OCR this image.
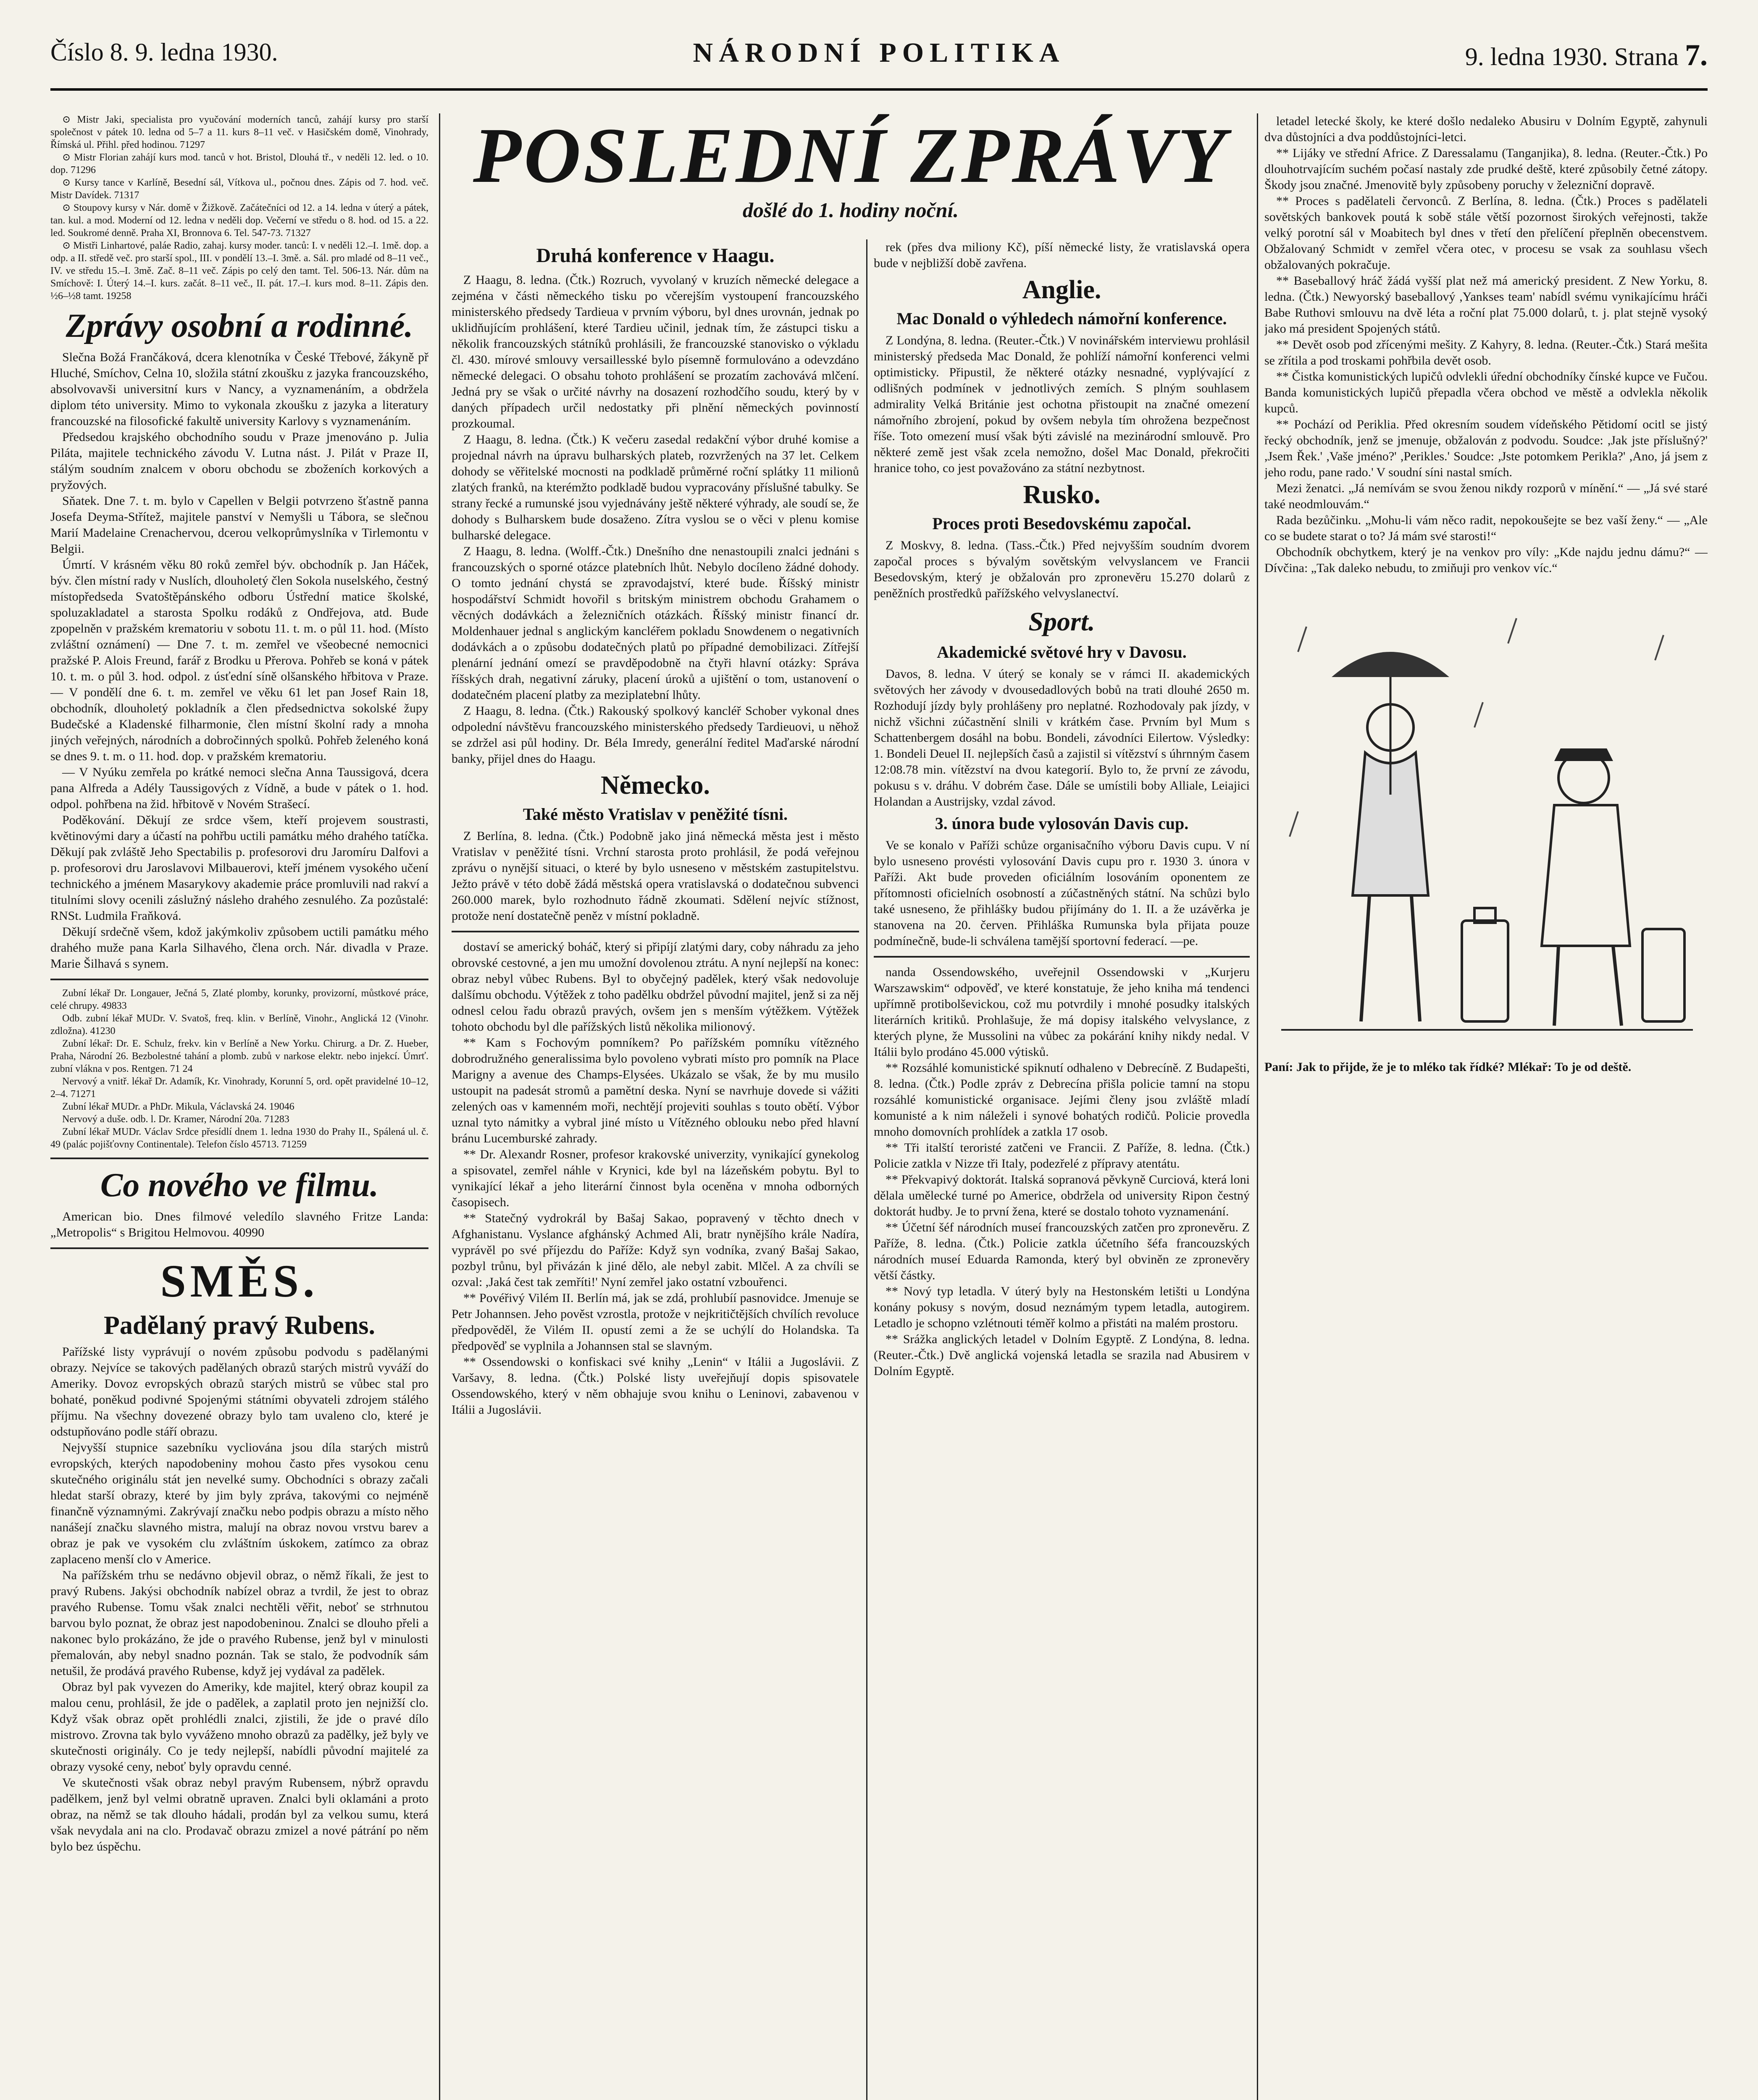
Číslo 8. 9. ledna 1930.	NÁRODNÍ POLITIKA	9. ledna 1930. Strana 7.

⊙ Mistr Jaki, specialista pro vyučování moderních tanců, zahájí kursy pro starší společnost v pátek 10. ledna od 5–7 a 11. kurs 8–11 več. v Hasičském domě, Vinohrady, Římská ul. Přihl. před hodinou. 71297

⊙ Mistr Florian zahájí kurs mod. tanců v hot. Bristol, Dlouhá tř., v neděli 12. led. o 10. dop. 71296

⊙ Kursy tance v Karlíně, Besední sál, Vítkova ul., počnou dnes. Zápis od 7. hod. več. Mistr Davídek. 71317

⊙ Stoupovy kursy v Nár. domě v Žižkově. Začátečníci od 12. a 14. ledna v úterý a pátek, tan. kul. a mod. Moderní od 12. ledna v neděli dop. Večerní ve středu o 8. hod. od 15. a 22. led. Soukromé denně. Praha XI, Bronnova 6. Tel. 547-73. 71327

⊙ Mistři Linhartové, paláe Radio, zahaj. kursy moder. tanců: I. v neděli 12.–I. 1mě. dop. a odp. a II. středě več. pro starší spol., III. v pondělí 13.–I. 3mě. a. Sál. pro mladé od 8–11 več., IV. ve středu 15.–I. 3mě. Zač. 8–11 več. Zápis po celý den tamt. Tel. 506-13. Nár. dům na Smíchově: I. Úterý 14.–I. kurs. začát. 8–11 več., II. pát. 17.–I. kurs mod. 8–11. Zápis den. ½6–½8 tamt. 19258

Zprávy osobní a rodinné.

Slečna Božá Frančáková, dcera klenotníka v České Třebové, žákyně př Hluché, Smíchov, Celna 10, složila státní zkoušku z jazyka francouzského, absolvovavši universitní kurs v Nancy, a vyznamenáním, a obdržela diplom této university. Mimo to vykonala zkoušku z jazyka a literatury francouzské na filosofické fakultě university Karlovy s vyznamenáním.

Předsedou krajského obchodního soudu v Praze jmenováno p. Julia Piláta, majitele technického závodu V. Lutna nást. J. Pilát v Praze II, stálým soudním znalcem v oboru obchodu se zboženích korkových a pryžových.

Sňatek. Dne 7. t. m. bylo v Capellen v Belgii potvrzeno šťastně panna Josefa Deyma-Střítež, majitele panství v Nemyšli u Tábora, se slečnou Marií Madelaine Crenachervou, dcerou velkoprůmyslníka v Tirlemontu v Belgii.

Úmrtí. V krásném věku 80 roků zemřel býv. obchodník p. Jan Háček, býv. člen místní rady v Nuslích, dlouholetý člen Sokola nuselského, čestný místopředseda Svatoštěpánského odboru Ústřední matice školské, spoluzakladatel a starosta Spolku rodáků z Ondřejova, atd. Bude zpopelněn v pražském krematoriu v sobotu 11. t. m. o půl 11. hod. (Místo zvláštní oznámení) — Dne 7. t. m. zemřel ve všeobecné nemocnici pražské P. Alois Freund, farář z Brodku u Přerova. Pohřeb se koná v pátek 10. t. m. o půl 3. hod. odpol. z úsťední síně olšanského hřbitova v Praze. — V pondělí dne 6. t. m. zemřel ve věku 61 let pan Josef Rain 18, obchodník, dlouholetý pokladník a člen předsednictva sokolské župy Budečské a Kladenské filharmonie, člen místní školní rady a mnoha jiných veřejných, národních a dobročinných spolků. Pohřeb želeného koná se dnes 9. t. m. o 11. hod. dop. v pražském krematoriu.

— V Nyúku zemřela po krátké nemoci slečna Anna Taussigová, dcera pana Alfreda a Adély Taussigových z Vídně, a bude v pátek o 1. hod. odpol. pohřbena na žid. hřbitově v Novém Strašecí.

Poděkování. Děkují ze srdce všem, kteří projevem soustrasti, květinovými dary a účastí na pohřbu uctili památku mého drahého tatíčka. Děkují pak zvláště Jeho Spectabilis p. profesorovi dru Jaromíru Dalfovi a p. profesorovi dru Jaroslavovi Milbauerovi, kteří jménem vysokého učení technického a jménem Masarykovy akademie práce promluvili nad rakví a titulními slovy ocenili záslužný násleho drahého zesnulého. Za pozůstalé: RNSt. Ludmila Fraňková.

Děkují srdečně všem, kdož jakýmkoliv způsobem uctili památku mého drahého muže pana Karla Silhavého, člena orch. Nár. divadla v Praze. Marie Šilhavá s synem.

Zubní lékař Dr. Longauer, Ječná 5, Zlaté plomby, korunky, provizorní, můstkové práce, celé chrupy. 49833

Odb. zubní lékař MUDr. V. Svatoš, freq. klin. v Berlíně, Vinohr., Anglická 12 (Vinohr. zdložna). 41230

Zubní lékař: Dr. E. Schulz, frekv. kin v Berlíně a New Yorku. Chirurg. a Dr. Z. Hueber, Praha, Národní 26. Bezbolestné tahání a plomb. zubů v narkose elektr. nebo injekcí. Úmrť. zubní vlákna v pos. Rentgen. 71 24

Nervový a vnitř. lékař Dr. Adamík, Kr. Vinohrady, Korunní 5, ord. opět pravidelné 10–12, 2–4. 71271

Zubní lékař MUDr. a PhDr. Mikula, Václavská 24. 19046

Nervový a duše. odb. l. Dr. Kramer, Národní 20a. 71283

Zubní lékař MUDr. Václav Srdce přesídlí dnem 1. ledna 1930 do Prahy II., Spálená ul. č. 49 (palác pojišťovny Continentale). Telefon číslo 45713. 71259

Co nového ve filmu.

American bio. Dnes filmové veledílo slavného Fritze Landa: „Metropolis“ s Brigitou Helmovou. 40990

SMĚS.
Padělaný pravý Rubens.

Pařížské listy vyprávují o novém způsobu podvodu s padělanými obrazy. Nejvíce se takových padělaných obrazů starých mistrů vyváží do Ameriky. Dovoz evropských obrazů starých mistrů se vůbec stal pro bohaté, poněkud podivné Spojenými státními obyvateli zdrojem stálého příjmu. Na všechny dovezené obrazy bylo tam uvaleno clo, které je odstupňováno podle stáří obrazu.

Nejvyšší stupnice sazebníku vycliována jsou díla starých mistrů evropských, kterých napodobeniny mohou často přes vysokou cenu skutečného originálu stát jen nevelké sumy. Obchodníci s obrazy začali hledat starší obrazy, které by jim byly zpráva, takovými co nejméně finančně významnými. Zakrývají značku nebo podpis obrazu a místo něho nanášejí značku slavného mistra, malují na obraz novou vrstvu barev a obraz je pak ve vysokém clu zvláštním úskokem, zatímco za obraz zaplaceno menší clo v Americe.

Na pařížském trhu se nedávno objevil obraz, o němž říkali, že jest to pravý Rubens. Jakýsi obchodník nabízel obraz a tvrdil, že jest to obraz pravého Rubense. Tomu však znalci nechtěli věřit, neboť se strhnutou barvou bylo poznat, že obraz jest napodobeninou. Znalci se dlouho přeli a nakonec bylo prokázáno, že jde o pravého Rubense, jenž byl v minulosti přemalován, aby nebyl snadno poznán. Tak se stalo, že podvodník sám netušil, že prodává pravého Rubense, když jej vydával za padělek.

Obraz byl pak vyvezen do Ameriky, kde majitel, který obraz koupil za malou cenu, prohlásil, že jde o padělek, a zaplatil proto jen nejnižší clo. Když však obraz opět prohlédli znalci, zjistili, že jde o pravé dílo mistrovo. Zrovna tak bylo vyváženo mnoho obrazů za padělky, jež byly ve skutečnosti originály. Co je tedy nejlepší, nabídli původní majitelé za obrazy vysoké ceny, neboť byly opravdu cenné.

Ve skutečnosti však obraz nebyl pravým Rubensem, nýbrž opravdu padělkem, jenž byl velmi obratně upraven. Znalci byli oklamáni a proto obraz, na němž se tak dlouho hádali, prodán byl za velkou sumu, která však nevydala ani na clo. Prodavač obrazu zmizel a nové pátrání po něm bylo bez úspěchu.

POSLEDNÍ ZPRÁVY
došlé do 1. hodiny noční.
Druhá konference v Haagu.

Z Haagu, 8. ledna. (Čtk.) Rozruch, vyvolaný v kruzích německé delegace a zejména v části německého tisku po včerejším vystoupení francouzského ministerského předsedy Tardieua v prvním výboru, byl dnes urovnán, jednak po uklidňujícím prohlášení, které Tardieu učinil, jednak tím, že zástupci tisku a několik francouzských státníků prohlásili, že francouzské stanovisko o výkladu čl. 430. mírové smlouvy versaillesské bylo písemně formulováno a odevzdáno německé delegaci. O obsahu tohoto prohlášení se prozatím zachovává mlčení. Jedná pry se však o určité návrhy na dosazení rozhodčího soudu, který by v daných případech určil nedostatky při plnění německých povinností prozkoumal.

Z Haagu, 8. ledna. (Čtk.) K večeru zasedal redakční výbor druhé komise a projednal návrh na úpravu bulharských plateb, rozvržených na 37 let. Celkem dohody se věřitelské mocnosti na podkladě průměrné roční splátky 11 milionů zlatých franků, na kterémžto podkladě budou vypracovány příslušné tabulky. Se strany řecké a rumunské jsou vyjednávány ještě některé výhrady, ale soudí se, že dohody s Bulharskem bude dosaženo. Zítra vyslou se o věci v plenu komise bulharské delegace.

Z Haagu, 8. ledna. (Wolff.-Čtk.) Dnešního dne nenastoupili znalci jednáni s francouzských o sporné otázce platebních lhůt. Nebylo docíleno žádné dohody. O tomto jednání chystá se zpravodajství, které bude. Říšský ministr hospodářství Schmidt hovořil s britským ministrem obchodu Grahamem o věcných dodávkách a železničních otázkách. Říšský ministr financí dr. Moldenhauer jednal s anglickým kancléřem pokladu Snowdenem o negativních dodávkách a o způsobu dodatečných platů po případné demobilizaci. Zítřejší plenární jednání omezí se pravděpodobně na čtyři hlavní otázky: Správa říšských drah, negativní záruky, placení úroků a ujištění o tom, ustanovení o dodatečném placení platby za meziplatební lhůty.

Z Haagu, 8. ledna. (Čtk.) Rakouský spolkový kancléř Schober vykonal dnes odpolední návštěvu francouzského ministerského předsedy Tardieuovi, u něhož se zdržel asi půl hodiny. Dr. Béla Imredy, generální ředitel Maďarské národní banky, přijel dnes do Haagu.

Německo.
Také město Vratislav v peněžité tísni.

Z Berlína, 8. ledna. (Čtk.) Podobně jako jiná německá města jest i město Vratislav v peněžité tísni. Vrchní starosta proto prohlásil, že podá veřejnou zprávu o nynější situaci, o které by bylo usneseno v městském zastupitelstvu. Ježto právě v této době žádá městská opera vratislavská o dodatečnou subvenci 260.000 marek, bylo rozhodnuto řádně zkoumati. Sdělení nejvíc stížnost, protože není dostatečně peněz v místní pokladně.

dostaví se americký boháč, který si připíjí zlatými dary, coby náhradu za jeho obrovské cestovné, a jen mu umožní dovolenou ztrátu. A nyní nejlepší na konec: obraz nebyl vůbec Rubens. Byl to obyčejný padělek, který však nedovoluje dalšímu obchodu. Výtěžek z toho padělku obdržel původní majitel, jenž si za něj odnesl celou řadu obrazů pravých, ovšem jen s menším výtěžkem. Výtěžek tohoto obchodu byl dle pařížských listů několika milionový.

** Kam s Fochovým pomníkem? Po pařížském pomníku vítězného dobrodružného generalissima bylo povoleno vybrati místo pro pomník na Place Marigny a avenue des Champs-Elysées. Ukázalo se však, že by mu musilo ustoupit na padesát stromů a pamětní deska. Nyní se navrhuje dovede si vážiti zelených oas v kamenném moři, nechtějí projeviti souhlas s touto obětí. Výbor uznal tyto námitky a vybral jiné místo u Vítězného oblouku nebo před hlavní bránu Lucemburské zahrady.

** Dr. Alexandr Rosner, profesor krakovské univerzity, vynikající gynekolog a spisovatel, zemřel náhle v Krynici, kde byl na lázeňském pobytu. Byl to vynikající lékař a jeho literární činnost byla oceněna v mnoha odborných časopisech.

** Statečný vydrokrál by Bašaj Sakao, popravený v těchto dnech v Afghanistanu. Vyslance afghánský Achmed Ali, bratr nynějšího krále Nadíra, vyprávěl po své příjezdu do Paříže: Když syn vodníka, zvaný Bašaj Sakao, pozbyl trůnu, byl přivázán k jiné dělo, ale nebyl zabit. Mlčel. A za chvíli se ozval: ,Jaká čest tak zemříti!' Nyní zemřel jako ostatní vzbouřenci.

** Povéřivý Vilém II. Berlín má, jak se zdá, prohlubíí pasnovidce. Jmenuje se Petr Johannsen. Jeho pověst vzrostla, protože v nejkritičtějších chvílích revoluce předpověděl, že Vilém II. opustí zemi a že se uchýlí do Holandska. Ta předpověď se vyplnila a Johannsen stal se slavným.

** Ossendowski o konfiskaci své knihy „Lenin“ v Itálii a Jugoslávii. Z Varšavy, 8. ledna. (Čtk.) Polské listy uveřejňují dopis spisovatele Ossendowského, který v něm obhajuje svou knihu o Leninovi, zabavenou v Itálii a Jugoslávii.

rek (přes dva miliony Kč), píší německé listy, že vratislavská opera bude v nejbližší době zavřena.

Anglie.
Mac Donald o výhledech námořní konference.

Z Londýna, 8. ledna. (Reuter.-Čtk.) V novinářském interviewu prohlásil ministerský předseda Mac Donald, že pohlíží námořní konferenci velmi optimisticky. Připustil, že některé otázky nesnadné, vyplývající z odlišných podmínek v jednotlivých zemích. S plným souhlasem admirality Velká Británie jest ochotna přistoupit na značné omezení námořního zbrojení, pokud by ovšem nebyla tím ohrožena bezpečnost říše. Toto omezení musí však býti závislé na mezinárodní smlouvě. Pro některé země jest však zcela nemožno, došel Mac Donald, překročiti hranice toho, co jest považováno za státní nezbytnost.

Rusko.
Proces proti Besedovskému započal.

Z Moskvy, 8. ledna. (Tass.-Čtk.) Před nejvyšším soudním dvorem započal proces s bývalým sovětským velvyslancem ve Francii Besedovským, který je obžalován pro zpronevěru 15.270 dolarů z peněžních prostředků pařížského velvyslanectví.

Sport.
Akademické světové hry v Davosu.

Davos, 8. ledna. V úterý se konaly se v rámci II. akademických světových her závody v dvousedadlových bobů na trati dlouhé 2650 m. Rozhodují jízdy byly prohlášeny pro neplatné. Rozhodovaly pak jízdy, v nichž všichni zúčastnění slnili v krátkém čase. Prvním byl Mum s Schattenbergem dosáhl na bobu. Bondeli, závodníci Eilertow. Výsledky: 1. Bondeli Deuel II. nejlepších časů a zajistil si vítězství s úhrnným časem 12:08.78 min. vítězství na dvou kategorií. Bylo to, že první ze závodu, pokusu s v. dráhu. V dobrém čase. Dále se umístili boby Alliale, Leiajici Holandan a Austrijsky, vzdal závod.

3. února bude vylosován Davis cup.

Ve se konalo v Paříži schůze organisačního výboru Davis cupu. V ní bylo usneseno provésti vylosování Davis cupu pro r. 1930 3. února v Paříži. Akt bude proveden oficiálním losováním oponentem ze přítomnosti oficielních osobností a zúčastněných státní. Na schůzi bylo také usneseno, že přihlášky budou přijímány do 1. II. a že uzávěrka je stanovena na 20. červen. Přihláška Rumunska byla přijata pouze podmínečně, bude-li schválena tamější sportovní federací. —pe.

nanda Ossendowského, uveřejnil Ossendowski v „Kurjeru Warszawskim“ odpověď, ve které konstatuje, že jeho kniha má tendenci upřímně protibolševickou, což mu potvrdily i mnohé posudky italských literárních kritiků. Prohlašuje, že má dopisy italského velvyslance, z kterých plyne, že Mussolini na vůbec za pokárání knihy nikdy nedal. V Itálii bylo prodáno 45.000 výtisků.

** Rozsáhlé komunistické spiknutí odhaleno v Debrecíně. Z Budapešti, 8. ledna. (Čtk.) Podle zpráv z Debrecína přišla policie tamní na stopu rozsáhlé komunistické organisace. Jejími členy jsou zvláště mladí komunisté a k nim náleželi i synové bohatých rodičů. Policie provedla mnoho domovních prohlídek a zatkla 17 osob.

** Tři italští teroristé zatčeni ve Francii. Z Paříže, 8. ledna. (Čtk.) Policie zatkla v Nizze tři Italy, podezřelé z přípravy atentátu.

** Překvapivý doktorát. Italská sopranová pěvkyně Curciová, která loni dělala umělecké turné po Americe, obdržela od university Ripon čestný doktorát hudby. Je to první žena, které se dostalo tohoto vyznamenání.

** Účetní šéf národních museí francouzských zatčen pro zpronevěru. Z Paříže, 8. ledna. (Čtk.) Policie zatkla účetního šéfa francouzských národních museí Eduarda Ramonda, který byl obviněn ze zpronevěry větší částky.

** Nový typ letadla. V úterý byly na Hestonském letišti u Londýna konány pokusy s novým, dosud neznámým typem letadla, autogirem. Letadlo je schopno vzlétnouti téměř kolmo a přistáti na malém prostoru.

** Srážka anglických letadel v Dolním Egyptě. Z Londýna, 8. ledna. (Reuter.-Čtk.) Dvě anglická vojenská letadla se srazila nad Abusirem v Dolním Egyptě.

letadel letecké školy, ke které došlo nedaleko Abusiru v Dolním Egyptě, zahynuli dva důstojníci a dva poddůstojníci-letci.

** Lijáky ve střední Africe. Z Daressalamu (Tanganjika), 8. ledna. (Reuter.-Čtk.) Po dlouhotrvajícím suchém počasí nastaly zde prudké deště, které způsobily četné zátopy. Škody jsou značné. Jmenovitě byly způsobeny poruchy v železniční dopravě.

** Proces s padělateli červonců. Z Berlína, 8. ledna. (Čtk.) Proces s padělateli sovětských bankovek poutá k sobě stále větší pozornost širokých veřejnosti, takže velký porotní sál v Moabitech byl dnes v třetí den přelíčení přeplněn obecenstvem. Obžalovaný Schmidt v zemřel včera otec, v procesu se vsak za souhlasu všech obžalovaných pokračuje.

** Baseballový hráč žádá vyšší plat než má americký president. Z New Yorku, 8. ledna. (Čtk.) Newyorský baseballový ,Yankses team' nabídl svému vynikajícímu hráči Babe Ruthovi smlouvu na dvě léta a roční plat 75.000 dolarů, t. j. plat stejně vysoký jako má president Spojených států.

** Devět osob pod zřícenými mešity. Z Kahyry, 8. ledna. (Reuter.-Čtk.) Stará mešita se zřítila a pod troskami pohřbila devět osob.

** Čistka komunistických lupičů odvlekli úřední obchodníky čínské kupce ve Fučou. Banda komunistických lupičů přepadla včera obchod ve městě a odvlekla několik kupců.

** Pochází od Periklia. Před okresním soudem vídeňského Pětidomí ocitl se jistý řecký obchodník, jenž se jmenuje, obžalován z podvodu. Soudce: ,Jak jste příslušný?' ,Jsem Řek.' ,Vaše jméno?' ,Perikles.' Soudce: ,Jste potomkem Perikla?' ,Ano, já jsem z jeho rodu, pane rado.' V soudní síni nastal smích.

Mezi ženatci. „Já nemívám se svou ženou nikdy rozporů v mínění.“ — „Já své staré také neodmlouvám.“

Rada bezůčinku. „Mohu-li vám něco radit, nepokoušejte se bez vaší ženy.“ — „Ale co se budete starat o to? Já mám své starosti!“

Obchodník obchytkem, který je na venkov pro víly: „Kde najdu jednu dámu?“ — Dívčina: „Tak daleko nebudu, to zmiňuji pro venkov víc.“

Paní: Jak to přijde, že je to mléko tak řídké? Mlékař: To je od deště.
